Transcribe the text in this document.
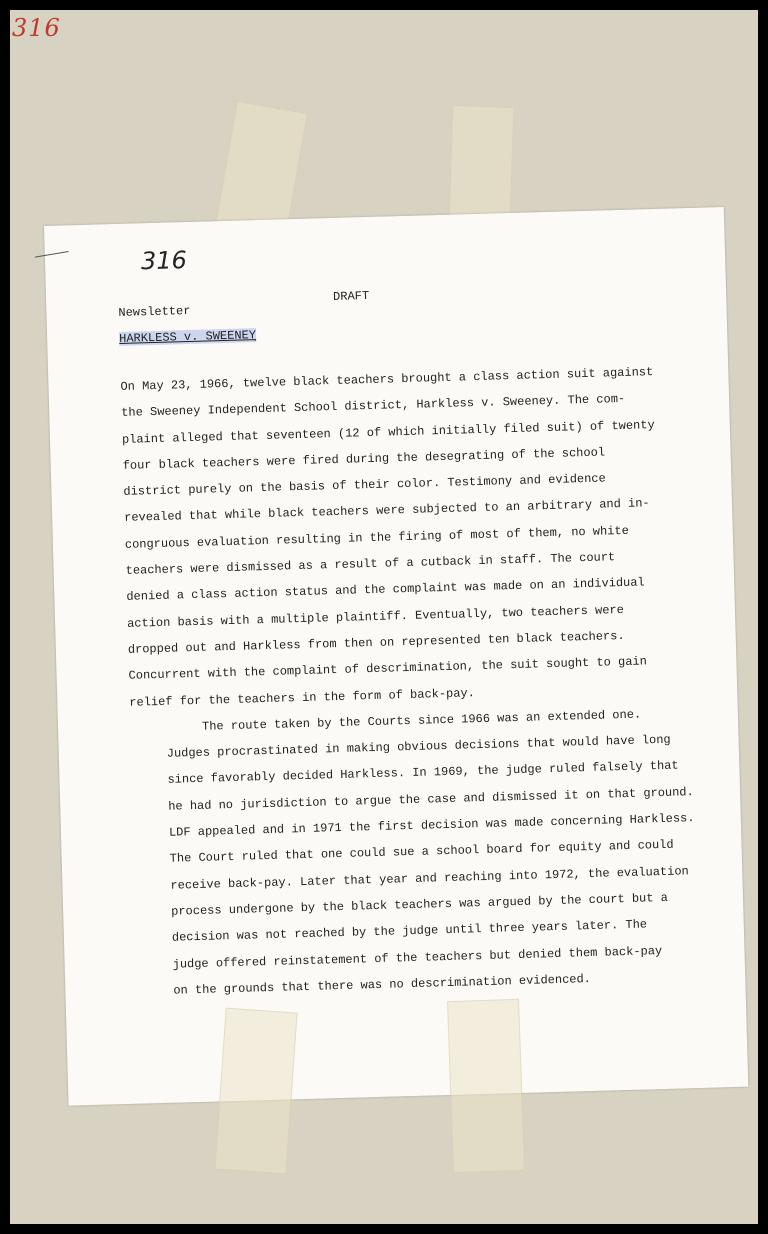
316
316
DRAFT
Newsletter
HARKLESS v. SWEENEY

On May 23, 1966, twelve black teachers brought a class action suit against
the Sweeney Independent School district, Harkless v. Sweeney. The com-
plaint alleged that seventeen (12 of which initially filed suit) of twenty
four black teachers were fired during the desegrating of the school
district purely on the basis of their color. Testimony and evidence
revealed that while black teachers were subjected to an arbitrary and in-
congruous evaluation resulting in the firing of most of them, no white
teachers were dismissed as a result of a cutback in staff. The court
denied a class action status and the complaint was made on an individual
action basis with a multiple plaintiff. Eventually, two teachers were
dropped out and Harkless from then on represented ten black teachers.
Concurrent with the complaint of descrimination, the suit sought to gain
relief for the teachers in the form of back-pay.

The route taken by the Courts since 1966 was an extended one.
Judges procrastinated in making obvious decisions that would have long
since favorably decided Harkless. In 1969, the judge ruled falsely that
he had no jurisdiction to argue the case and dismissed it on that ground.
LDF appealed and in 1971 the first decision was made concerning Harkless.
The Court ruled that one could sue a school board for equity and could
receive back-pay. Later that year and reaching into 1972, the evaluation
process undergone by the black teachers was argued by the court but a
decision was not reached by the judge until three years later. The
judge offered reinstatement of the teachers but denied them back-pay
on the grounds that there was no descrimination evidenced.
